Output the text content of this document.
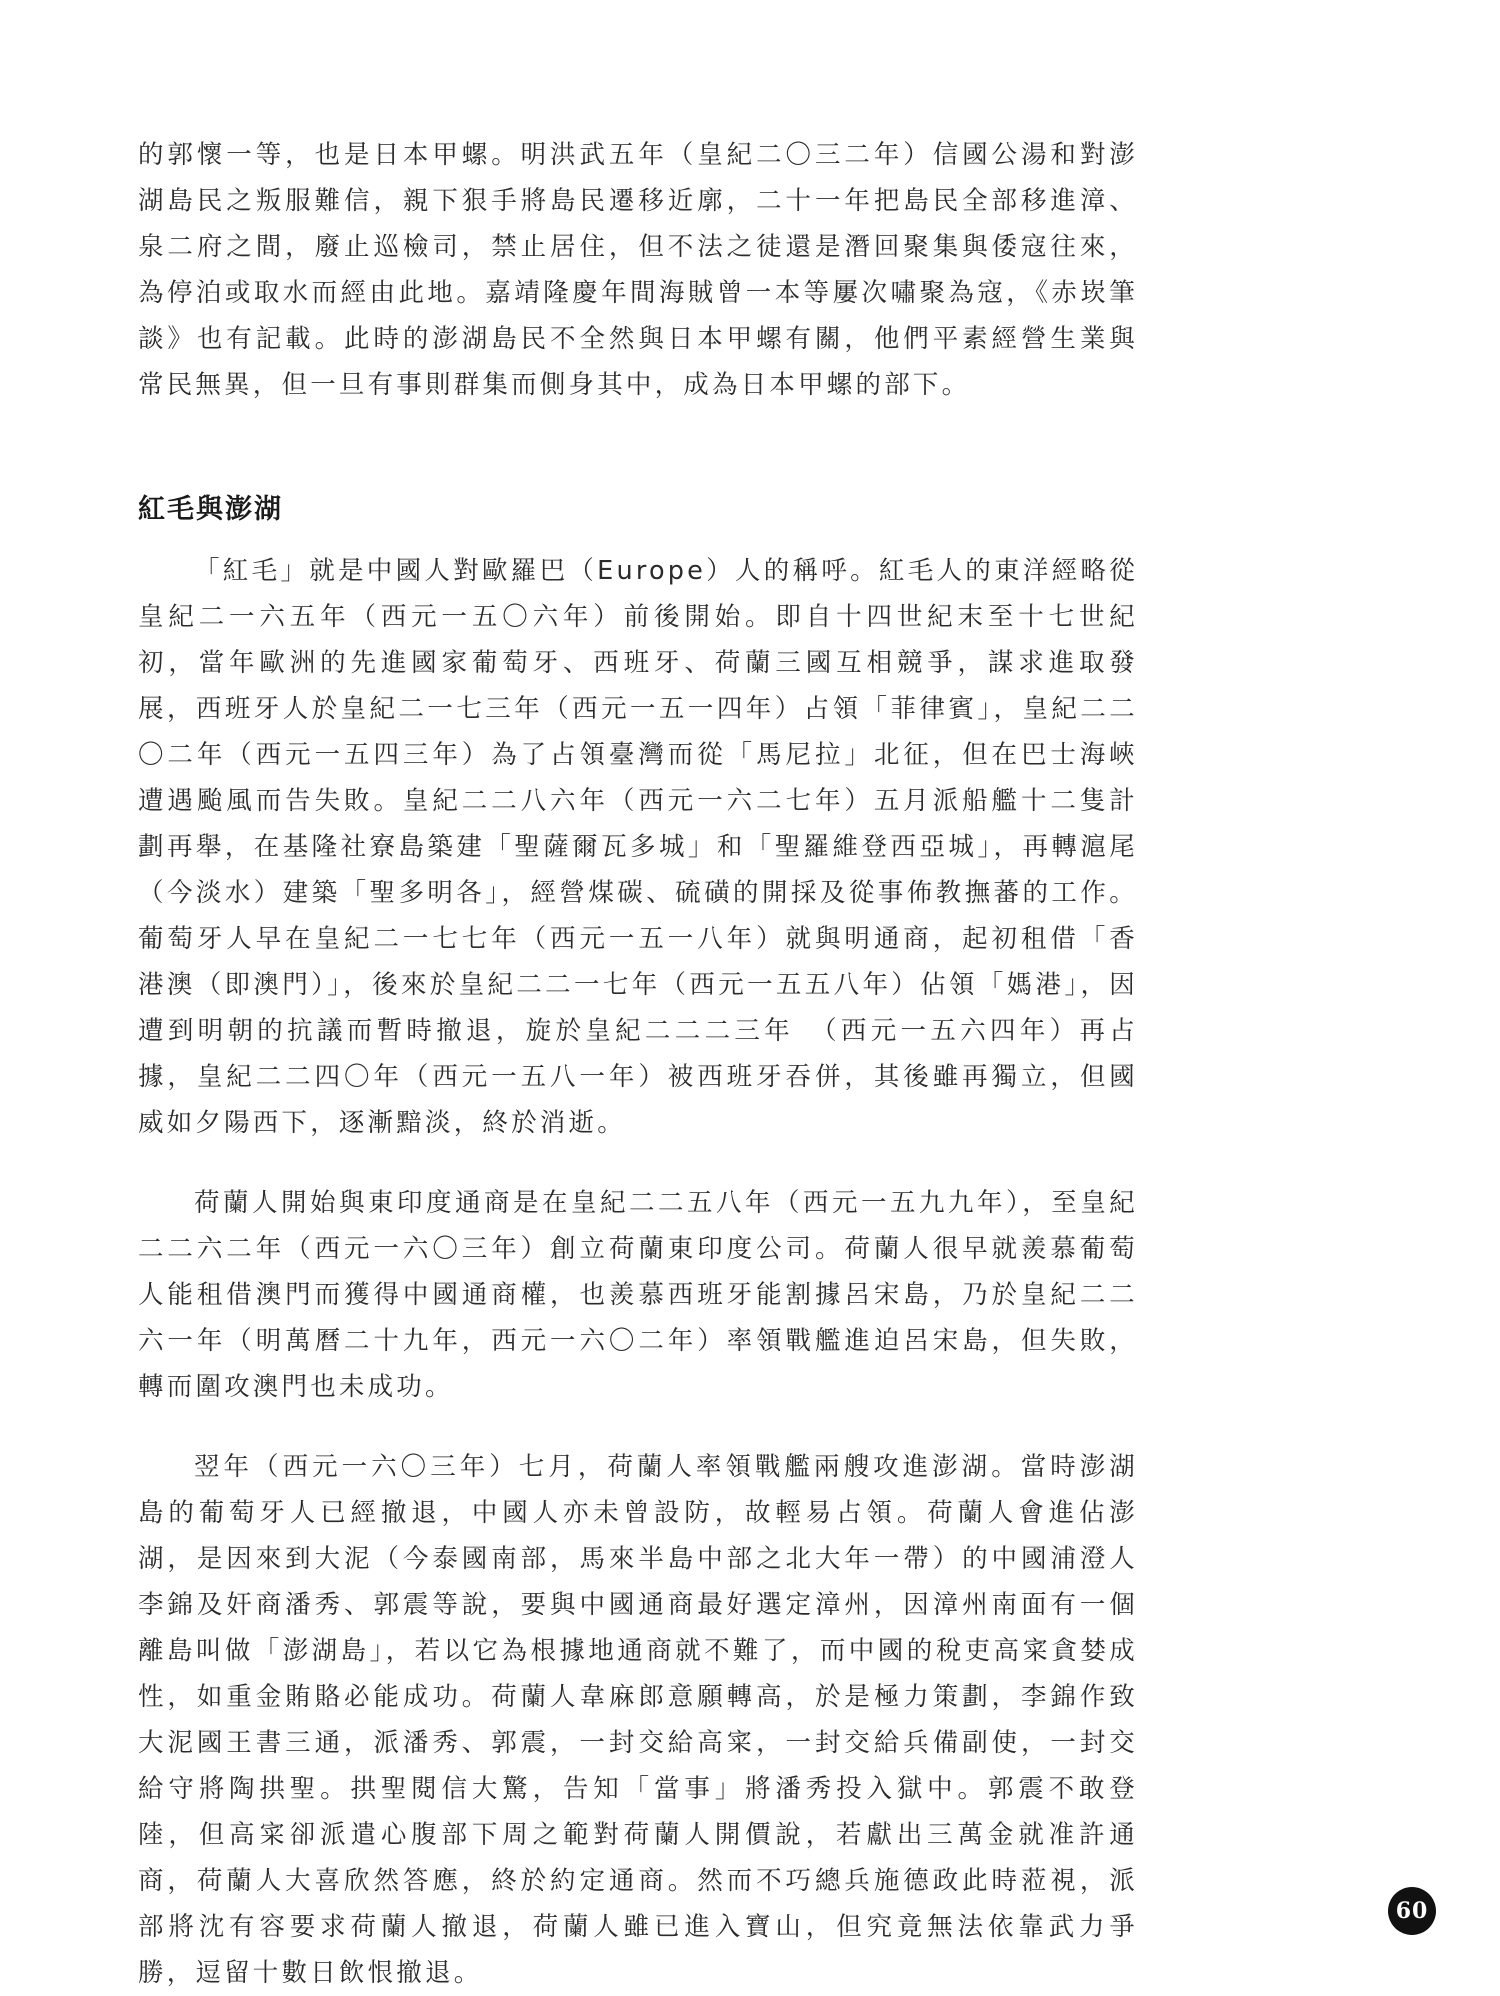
的郭懷一等，也是日本甲螺。明洪武五年（皇紀二〇三二年）信國公湯和對澎湖島民之叛服難信，親下狠手將島民遷移近廓，二十一年把島民全部移進漳、泉二府之間，廢止巡檢司，禁止居住，但不法之徒還是潛回聚集與倭寇往來，為停泊或取水而經由此地。嘉靖隆慶年間海賊曾一本等屢次嘯聚為寇，《赤崁筆談》也有記載。此時的澎湖島民不全然與日本甲螺有關，他們平素經營生業與常民無異，但一旦有事則群集而側身其中，成為日本甲螺的部下。

紅毛與澎湖

「紅毛」就是中國人對歐羅巴（Europe）人的稱呼。紅毛人的東洋經略從皇紀二一六五年（西元一五〇六年）前後開始。即自十四世紀末至十七世紀初，當年歐洲的先進國家葡萄牙、西班牙、荷蘭三國互相競爭，謀求進取發展，西班牙人於皇紀二一七三年（西元一五一四年）占領「菲律賓」，皇紀二二〇二年（西元一五四三年）為了占領臺灣而從「馬尼拉」北征，但在巴士海峽遭遇颱風而告失敗。皇紀二二八六年（西元一六二七年）五月派船艦十二隻計劃再舉，在基隆社寮島築建「聖薩爾瓦多城」和「聖羅維登西亞城」，再轉滬尾（今淡水）建築「聖多明各」，經營煤碳、硫磺的開採及從事佈教撫蕃的工作。葡萄牙人早在皇紀二一七七年（西元一五一八年）就與明通商，起初租借「香港澳（即澳門）」，後來於皇紀二二一七年（西元一五五八年）佔領「媽港」，因遭到明朝的抗議而暫時撤退，旋於皇紀二二二三年　（西元一五六四年）再占據，皇紀二二四〇年（西元一五八一年）被西班牙吞併，其後雖再獨立，但國威如夕陽西下，逐漸黯淡，終於消逝。

荷蘭人開始與東印度通商是在皇紀二二五八年（西元一五九九年），至皇紀二二六二年（西元一六〇三年）創立荷蘭東印度公司。荷蘭人很早就羨慕葡萄人能租借澳門而獲得中國通商權，也羨慕西班牙能割據呂宋島，乃於皇紀二二六一年（明萬曆二十九年，西元一六〇二年）率領戰艦進迫呂宋島，但失敗，轉而圍攻澳門也未成功。

翌年（西元一六〇三年）七月，荷蘭人率領戰艦兩艘攻進澎湖。當時澎湖島的葡萄牙人已經撤退，中國人亦未曾設防，故輕易占領。荷蘭人會進佔澎湖，是因來到大泥（今泰國南部，馬來半島中部之北大年一帶）的中國浦澄人李錦及奸商潘秀、郭震等說，要與中國通商最好選定漳州，因漳州南面有一個離島叫做「澎湖島」，若以它為根據地通商就不難了，而中國的稅吏高寀貪婪成性，如重金賄賂必能成功。荷蘭人韋麻郎意願轉高，於是極力策劃，李錦作致大泥國王書三通，派潘秀、郭震，一封交給高寀，一封交給兵備副使，一封交給守將陶拱聖。拱聖閱信大驚，告知「當事」將潘秀投入獄中。郭震不敢登陸，但高寀卻派遣心腹部下周之範對荷蘭人開價說，若獻出三萬金就准許通商，荷蘭人大喜欣然答應，終於約定通商。然而不巧總兵施德政此時蒞視，派部將沈有容要求荷蘭人撤退，荷蘭人雖已進入寶山，但究竟無法依靠武力爭勝，逗留十數日飲恨撤退。

60
